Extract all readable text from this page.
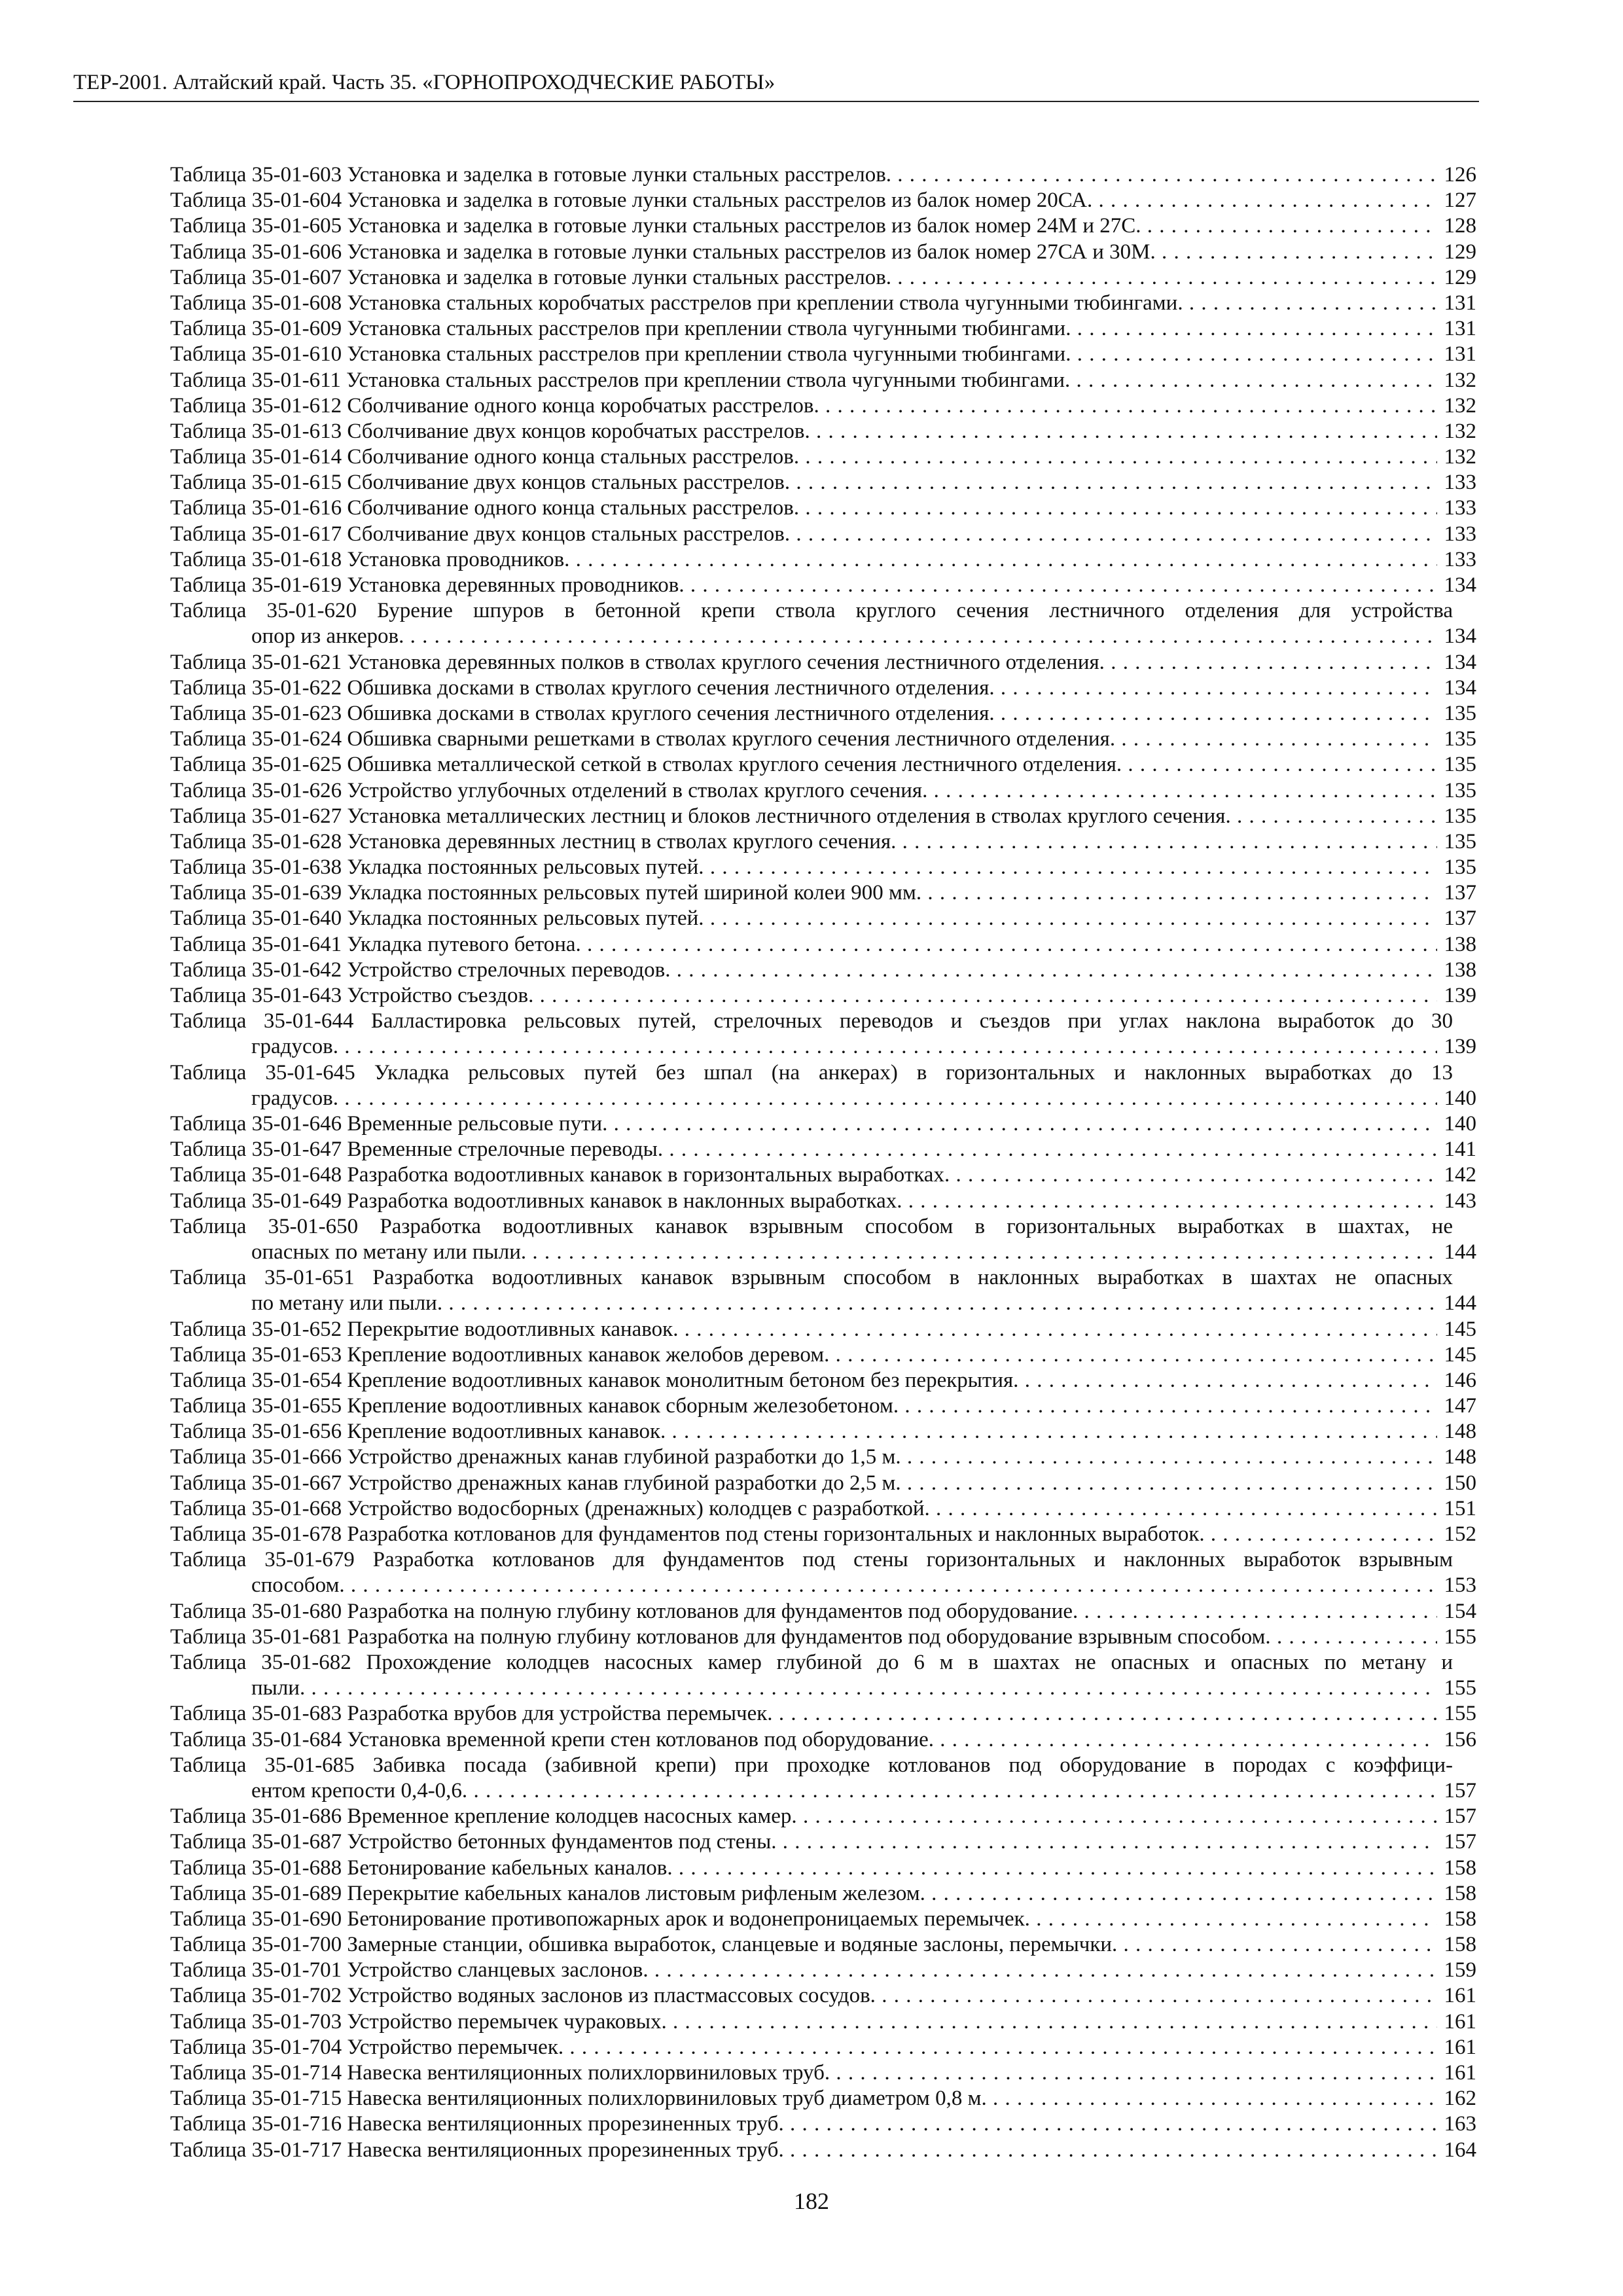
ТЕР-2001. Алтайский край. Часть 35. «ГОРНОПРОХОДЧЕСКИЕ РАБОТЫ»
Таблица 35-01-603 Установка и заделка в готовые лунки стальных расстрелов. . . .	126
Таблица 35-01-604 Установка и заделка в готовые лунки стальных расстрелов из балок номер 20СА. . . .	127
Таблица 35-01-605 Установка и заделка в готовые лунки стальных расстрелов из балок номер 24М и 27С. . . .	128
Таблица 35-01-606 Установка и заделка в готовые лунки стальных расстрелов из балок номер 27СА и 30М. . . .	129
Таблица 35-01-607 Установка и заделка в готовые лунки стальных расстрелов. . . .	129
Таблица 35-01-608 Установка стальных коробчатых расстрелов при креплении ствола чугунными тюбингами. . . .	131
Таблица 35-01-609 Установка стальных расстрелов при креплении ствола чугунными тюбингами. . . .	131
Таблица 35-01-610 Установка стальных расстрелов при креплении ствола чугунными тюбингами. . . .	131
Таблица 35-01-611 Установка стальных расстрелов при креплении ствола чугунными тюбингами. . . .	132
Таблица 35-01-612 Сболчивание одного конца коробчатых расстрелов. . . .	132
Таблица 35-01-613 Сболчивание двух концов коробчатых расстрелов. . . .	132
Таблица 35-01-614 Сболчивание одного конца стальных расстрелов. . . .	132
Таблица 35-01-615 Сболчивание двух концов стальных расстрелов. . . .	133
Таблица 35-01-616 Сболчивание одного конца стальных расстрелов. . . .	133
Таблица 35-01-617 Сболчивание двух концов стальных расстрелов. . . .	133
Таблица 35-01-618 Установка проводников. . . .	133
Таблица 35-01-619 Установка деревянных проводников. . . .	134
Таблица 35-01-620 Бурение шпуров в бетонной крепи ствола круглого сечения лестничного отделения для устройства
опор из анкеров. . . .	134
Таблица 35-01-621 Установка деревянных полков в стволах круглого сечения лестничного отделения. . . .	134
Таблица 35-01-622 Обшивка досками в стволах круглого сечения лестничного отделения. . . .	134
Таблица 35-01-623 Обшивка досками в стволах круглого сечения лестничного отделения. . . .	135
Таблица 35-01-624 Обшивка сварными решетками в стволах круглого сечения лестничного отделения. . . .	135
Таблица 35-01-625 Обшивка металлической сеткой в стволах круглого сечения лестничного отделения. . . .	135
Таблица 35-01-626 Устройство углубочных отделений в стволах круглого сечения. . . .	135
Таблица 35-01-627 Установка металлических лестниц и блоков лестничного отделения в стволах круглого сечения. . . .	135
Таблица 35-01-628 Установка деревянных лестниц в стволах круглого сечения. . . .	135
Таблица 35-01-638 Укладка постоянных рельсовых путей. . . .	135
Таблица 35-01-639 Укладка постоянных рельсовых путей шириной колеи 900 мм. . . .	137
Таблица 35-01-640 Укладка постоянных рельсовых путей. . . .	137
Таблица 35-01-641 Укладка путевого бетона. . . .	138
Таблица 35-01-642 Устройство стрелочных переводов. . . .	138
Таблица 35-01-643 Устройство съездов. . . .	139
Таблица 35-01-644 Балластировка рельсовых путей, стрелочных переводов и съездов при углах наклона выработок до 30
градусов. . . .	139
Таблица 35-01-645 Укладка рельсовых путей без шпал (на анкерах) в горизонтальных и наклонных выработках до 13
градусов. . . .	140
Таблица 35-01-646 Временные рельсовые пути. . . .	140
Таблица 35-01-647 Временные стрелочные переводы. . . .	141
Таблица 35-01-648 Разработка водоотливных канавок в горизонтальных выработках. . . .	142
Таблица 35-01-649 Разработка водоотливных канавок в наклонных выработках. . . .	143
Таблица 35-01-650 Разработка водоотливных канавок взрывным способом в горизонтальных выработках в шахтах, не
опасных по метану или пыли. . . .	144
Таблица 35-01-651 Разработка водоотливных канавок взрывным способом в наклонных выработках в шахтах не опасных
по метану или пыли. . . .	144
Таблица 35-01-652 Перекрытие водоотливных канавок. . . .	145
Таблица 35-01-653 Крепление водоотливных канавок желобов деревом. . . .	145
Таблица 35-01-654 Крепление водоотливных канавок монолитным бетоном без перекрытия. . . .	146
Таблица 35-01-655 Крепление водоотливных канавок сборным железобетоном. . . .	147
Таблица 35-01-656 Крепление водоотливных канавок. . . .	148
Таблица 35-01-666 Устройство дренажных канав глубиной разработки до 1,5 м. . . .	148
Таблица 35-01-667 Устройство дренажных канав глубиной разработки до 2,5 м. . . .	150
Таблица 35-01-668 Устройство водосборных (дренажных) колодцев с разработкой. . . .	151
Таблица 35-01-678 Разработка котлованов для фундаментов под стены горизонтальных и наклонных выработок. . . .	152
Таблица 35-01-679 Разработка котлованов для фундаментов под стены горизонтальных и наклонных выработок взрывным
способом. . . .	153
Таблица 35-01-680 Разработка на полную глубину котлованов для фундаментов под оборудование. . . .	154
Таблица 35-01-681 Разработка на полную глубину котлованов для фундаментов под оборудование взрывным способом. . . .	155
Таблица 35-01-682 Прохождение колодцев насосных камер глубиной до 6 м в шахтах не опасных и опасных по метану и
пыли. . . .	155
Таблица 35-01-683 Разработка врубов для устройства перемычек. . . .	155
Таблица 35-01-684 Установка временной крепи стен котлованов под оборудование. . . .	156
Таблица 35-01-685 Забивка посада (забивной крепи) при проходке котлованов под оборудование в породах с коэффици-
ентом крепости 0,4-0,6. . . .	157
Таблица 35-01-686 Временное крепление колодцев насосных камер. . . .	157
Таблица 35-01-687 Устройство бетонных фундаментов под стены. . . .	157
Таблица 35-01-688 Бетонирование кабельных каналов. . . .	158
Таблица 35-01-689 Перекрытие кабельных каналов листовым рифленым железом. . . .	158
Таблица 35-01-690 Бетонирование противопожарных арок и водонепроницаемых перемычек. . . .	158
Таблица 35-01-700 Замерные станции, обшивка выработок, сланцевые и водяные заслоны, перемычки. . . .	158
Таблица 35-01-701 Устройство сланцевых заслонов. . . .	159
Таблица 35-01-702 Устройство водяных заслонов из пластмассовых сосудов. . . .	161
Таблица 35-01-703 Устройство перемычек чураковых. . . .	161
Таблица 35-01-704 Устройство перемычек. . . .	161
Таблица 35-01-714 Навеска вентиляционных полихлорвиниловых труб. . . .	161
Таблица 35-01-715 Навеска вентиляционных полихлорвиниловых труб диаметром 0,8 м. . . .	162
Таблица 35-01-716 Навеска вентиляционных прорезиненных труб. . . .	163
Таблица 35-01-717 Навеска вентиляционных прорезиненных труб. . . .	164
182
